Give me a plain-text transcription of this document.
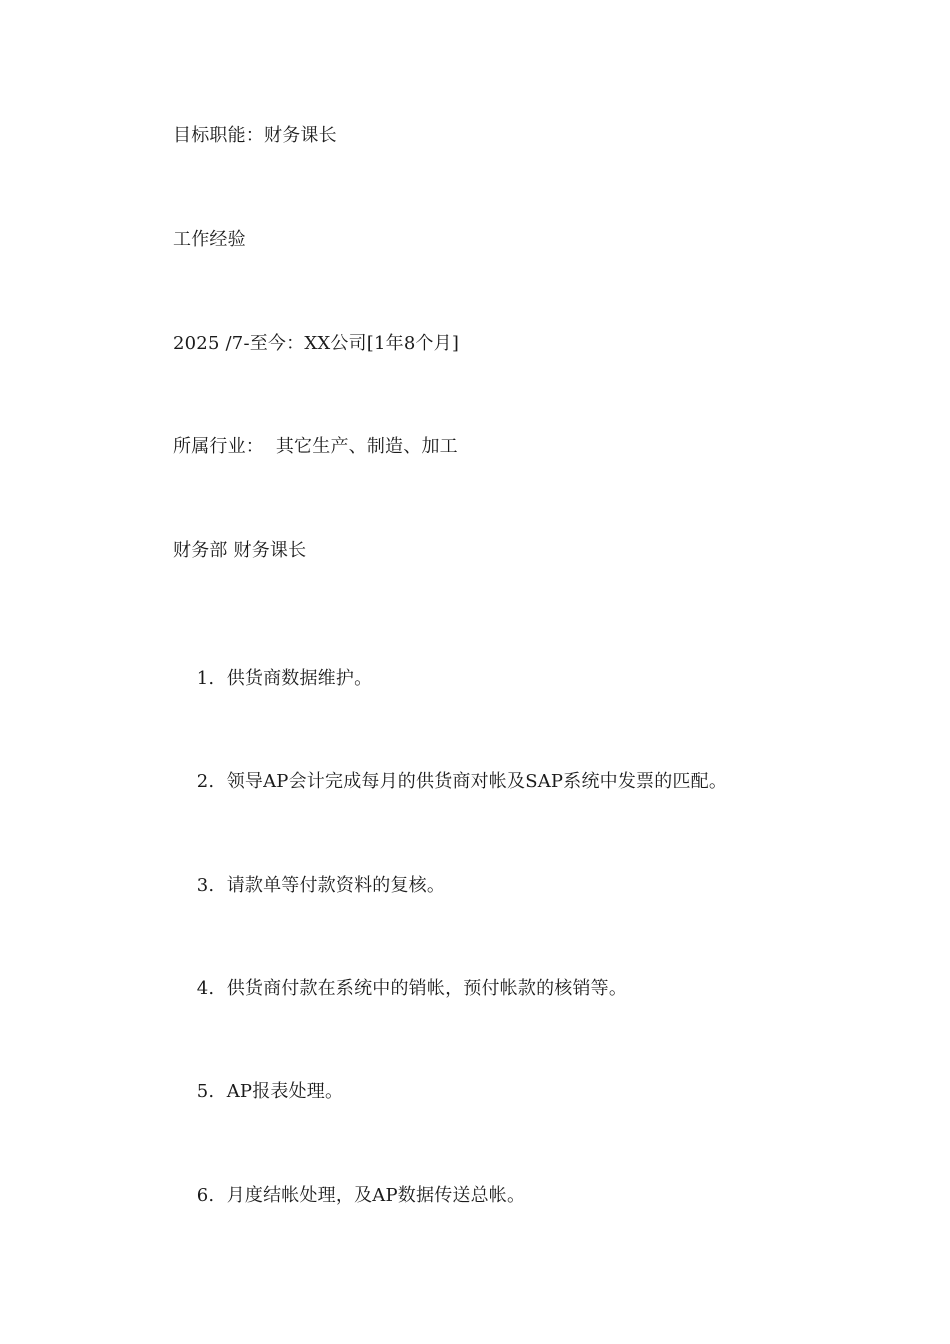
目标职能：财务课长
工作经验
2025 /7-至今：XX公司[1年8个月]
所属行业：  其它生产、制造、加工
财务部 财务课长

1. 供货商数据维护。

2. 领导AP会计完成每月的供货商对帐及SAP系统中发票的匹配。

3. 请款单等付款资料的复核。

4. 供货商付款在系统中的销帐，预付帐款的核销等。

5. AP报表处理。

6. 月度结帐处理，及AP数据传送总帐。
